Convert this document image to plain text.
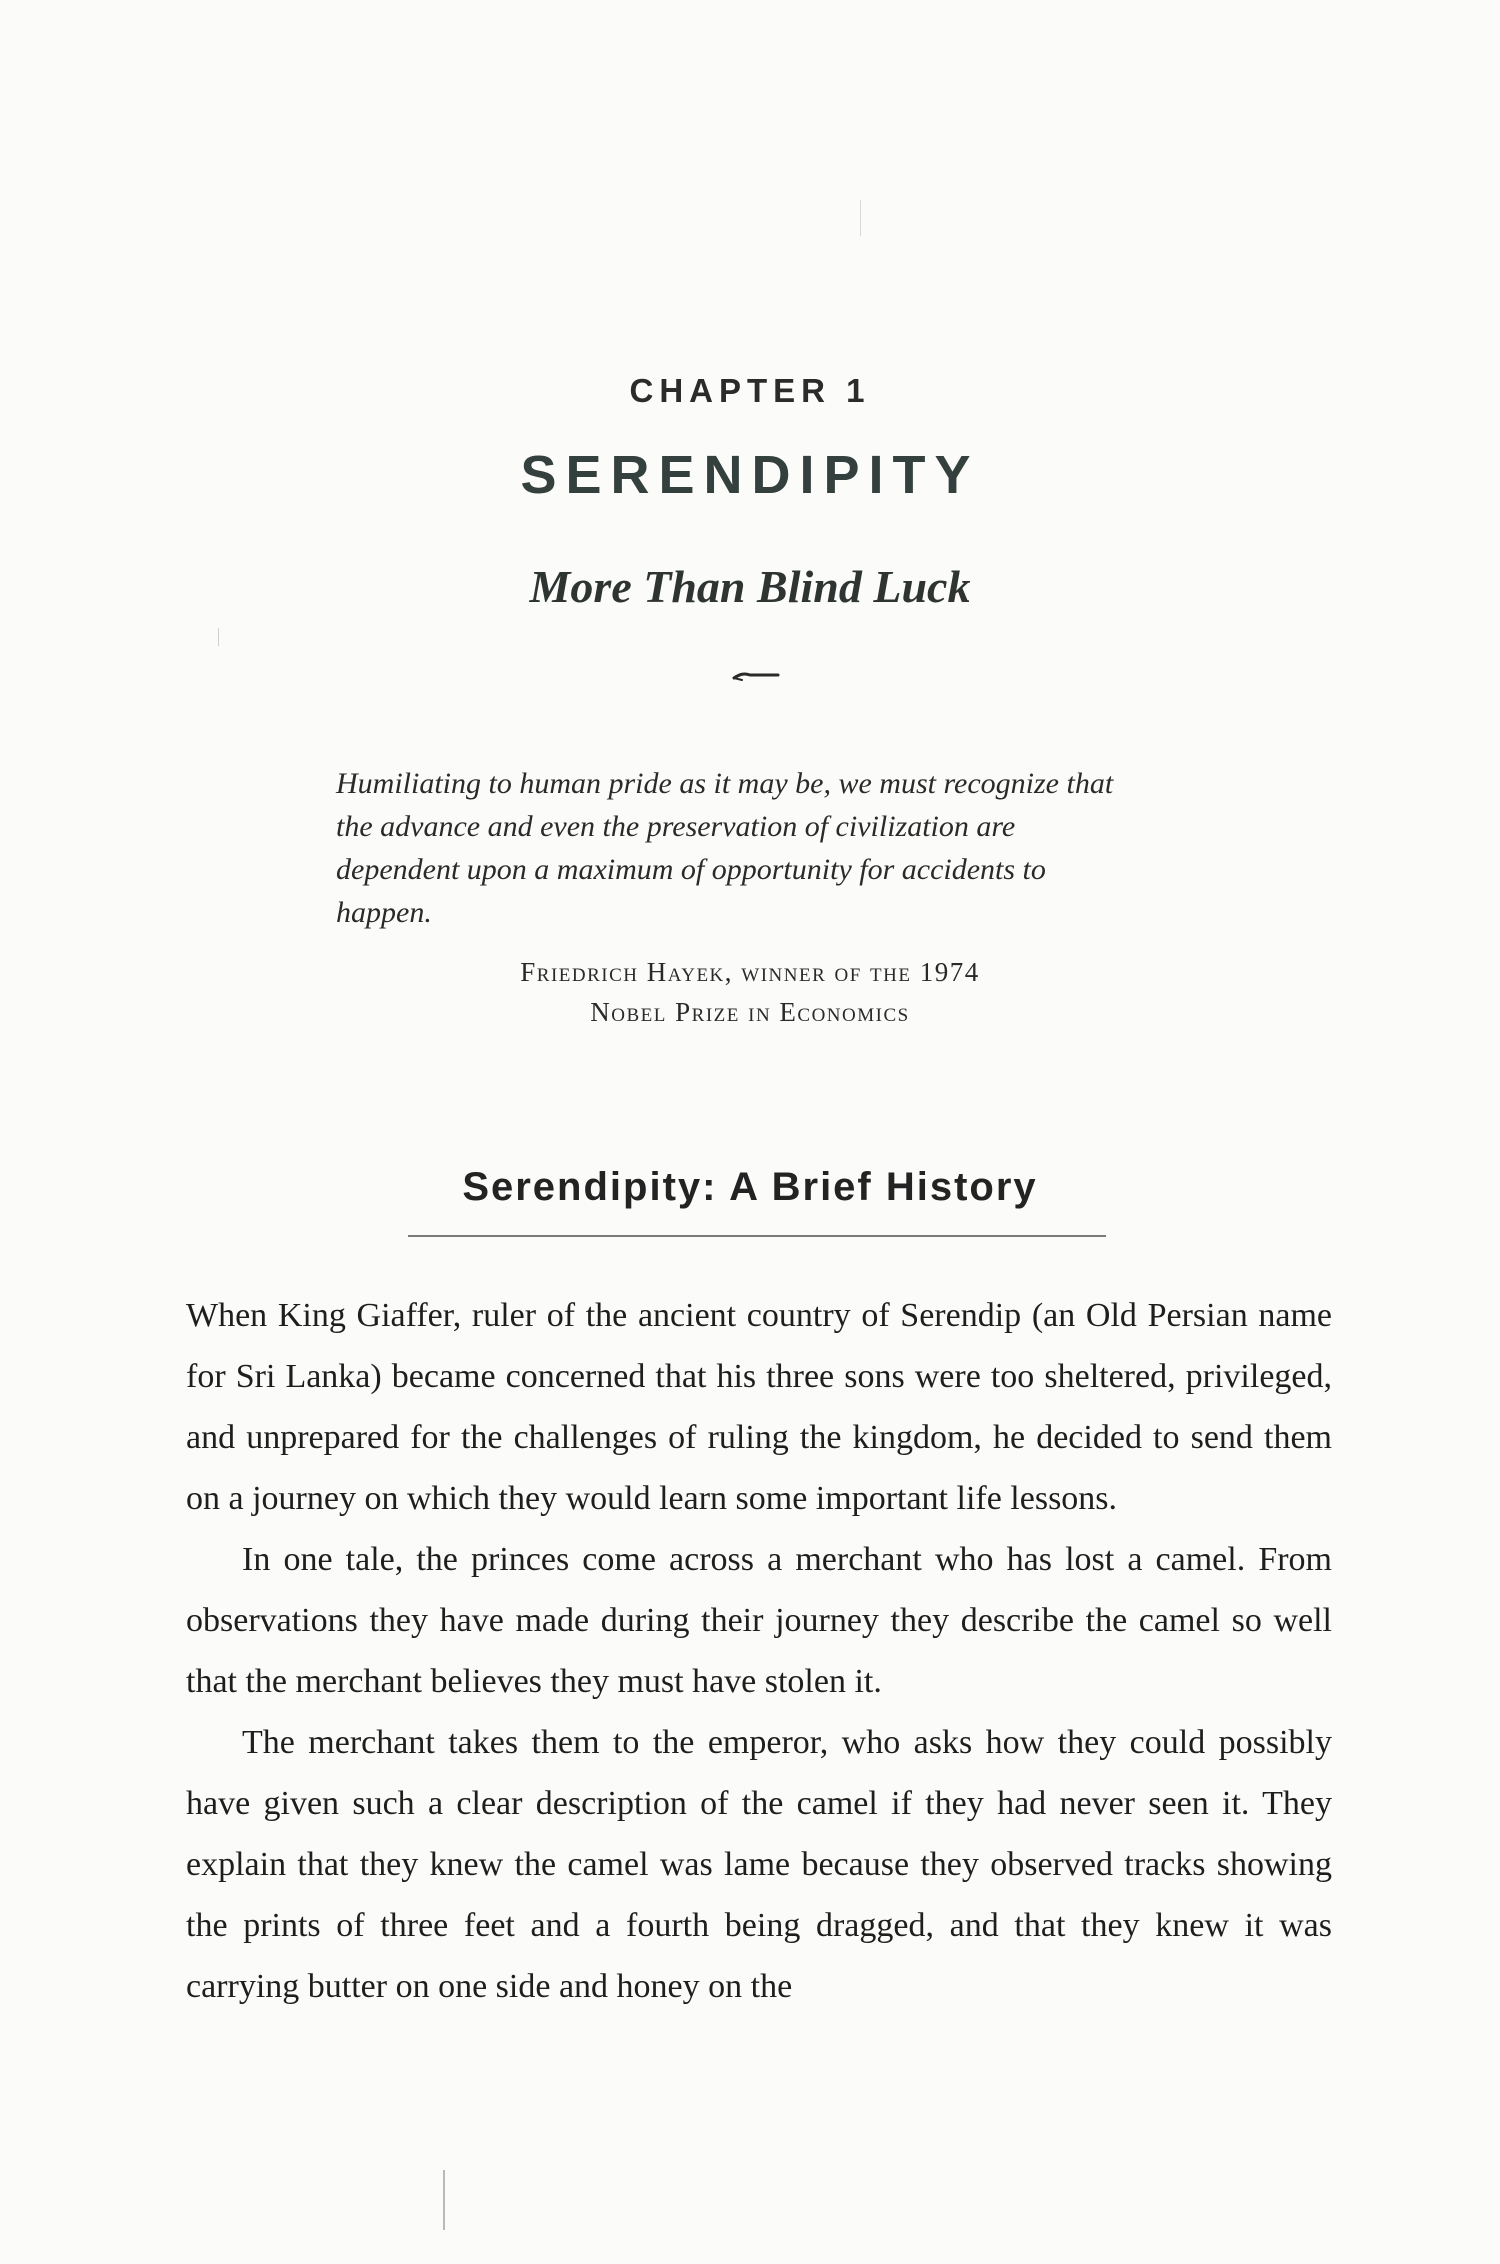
CHAPTER 1
SERENDIPITY
More Than Blind Luck

Humiliating to human pride as it may be, we must recognize that the advance and even the preservation of civilization are dependent upon a maximum of opportunity for accidents to happen.

Friedrich Hayek, winner of the 1974
Nobel Prize in Economics
Serendipity: A Brief History

When King Giaffer, ruler of the ancient country of Serendip (an Old Persian name for Sri Lanka) became concerned that his three sons were too sheltered, privileged, and unprepared for the challenges of ruling the kingdom, he decided to send them on a journey on which they would learn some important life lessons.

In one tale, the princes come across a merchant who has lost a camel. From observations they have made during their journey they describe the camel so well that the merchant believes they must have stolen it.

The merchant takes them to the emperor, who asks how they could possibly have given such a clear description of the camel if they had never seen it. They explain that they knew the camel was lame because they observed tracks showing the prints of three feet and a fourth being dragged, and that they knew it was carrying butter on one side and honey on the
